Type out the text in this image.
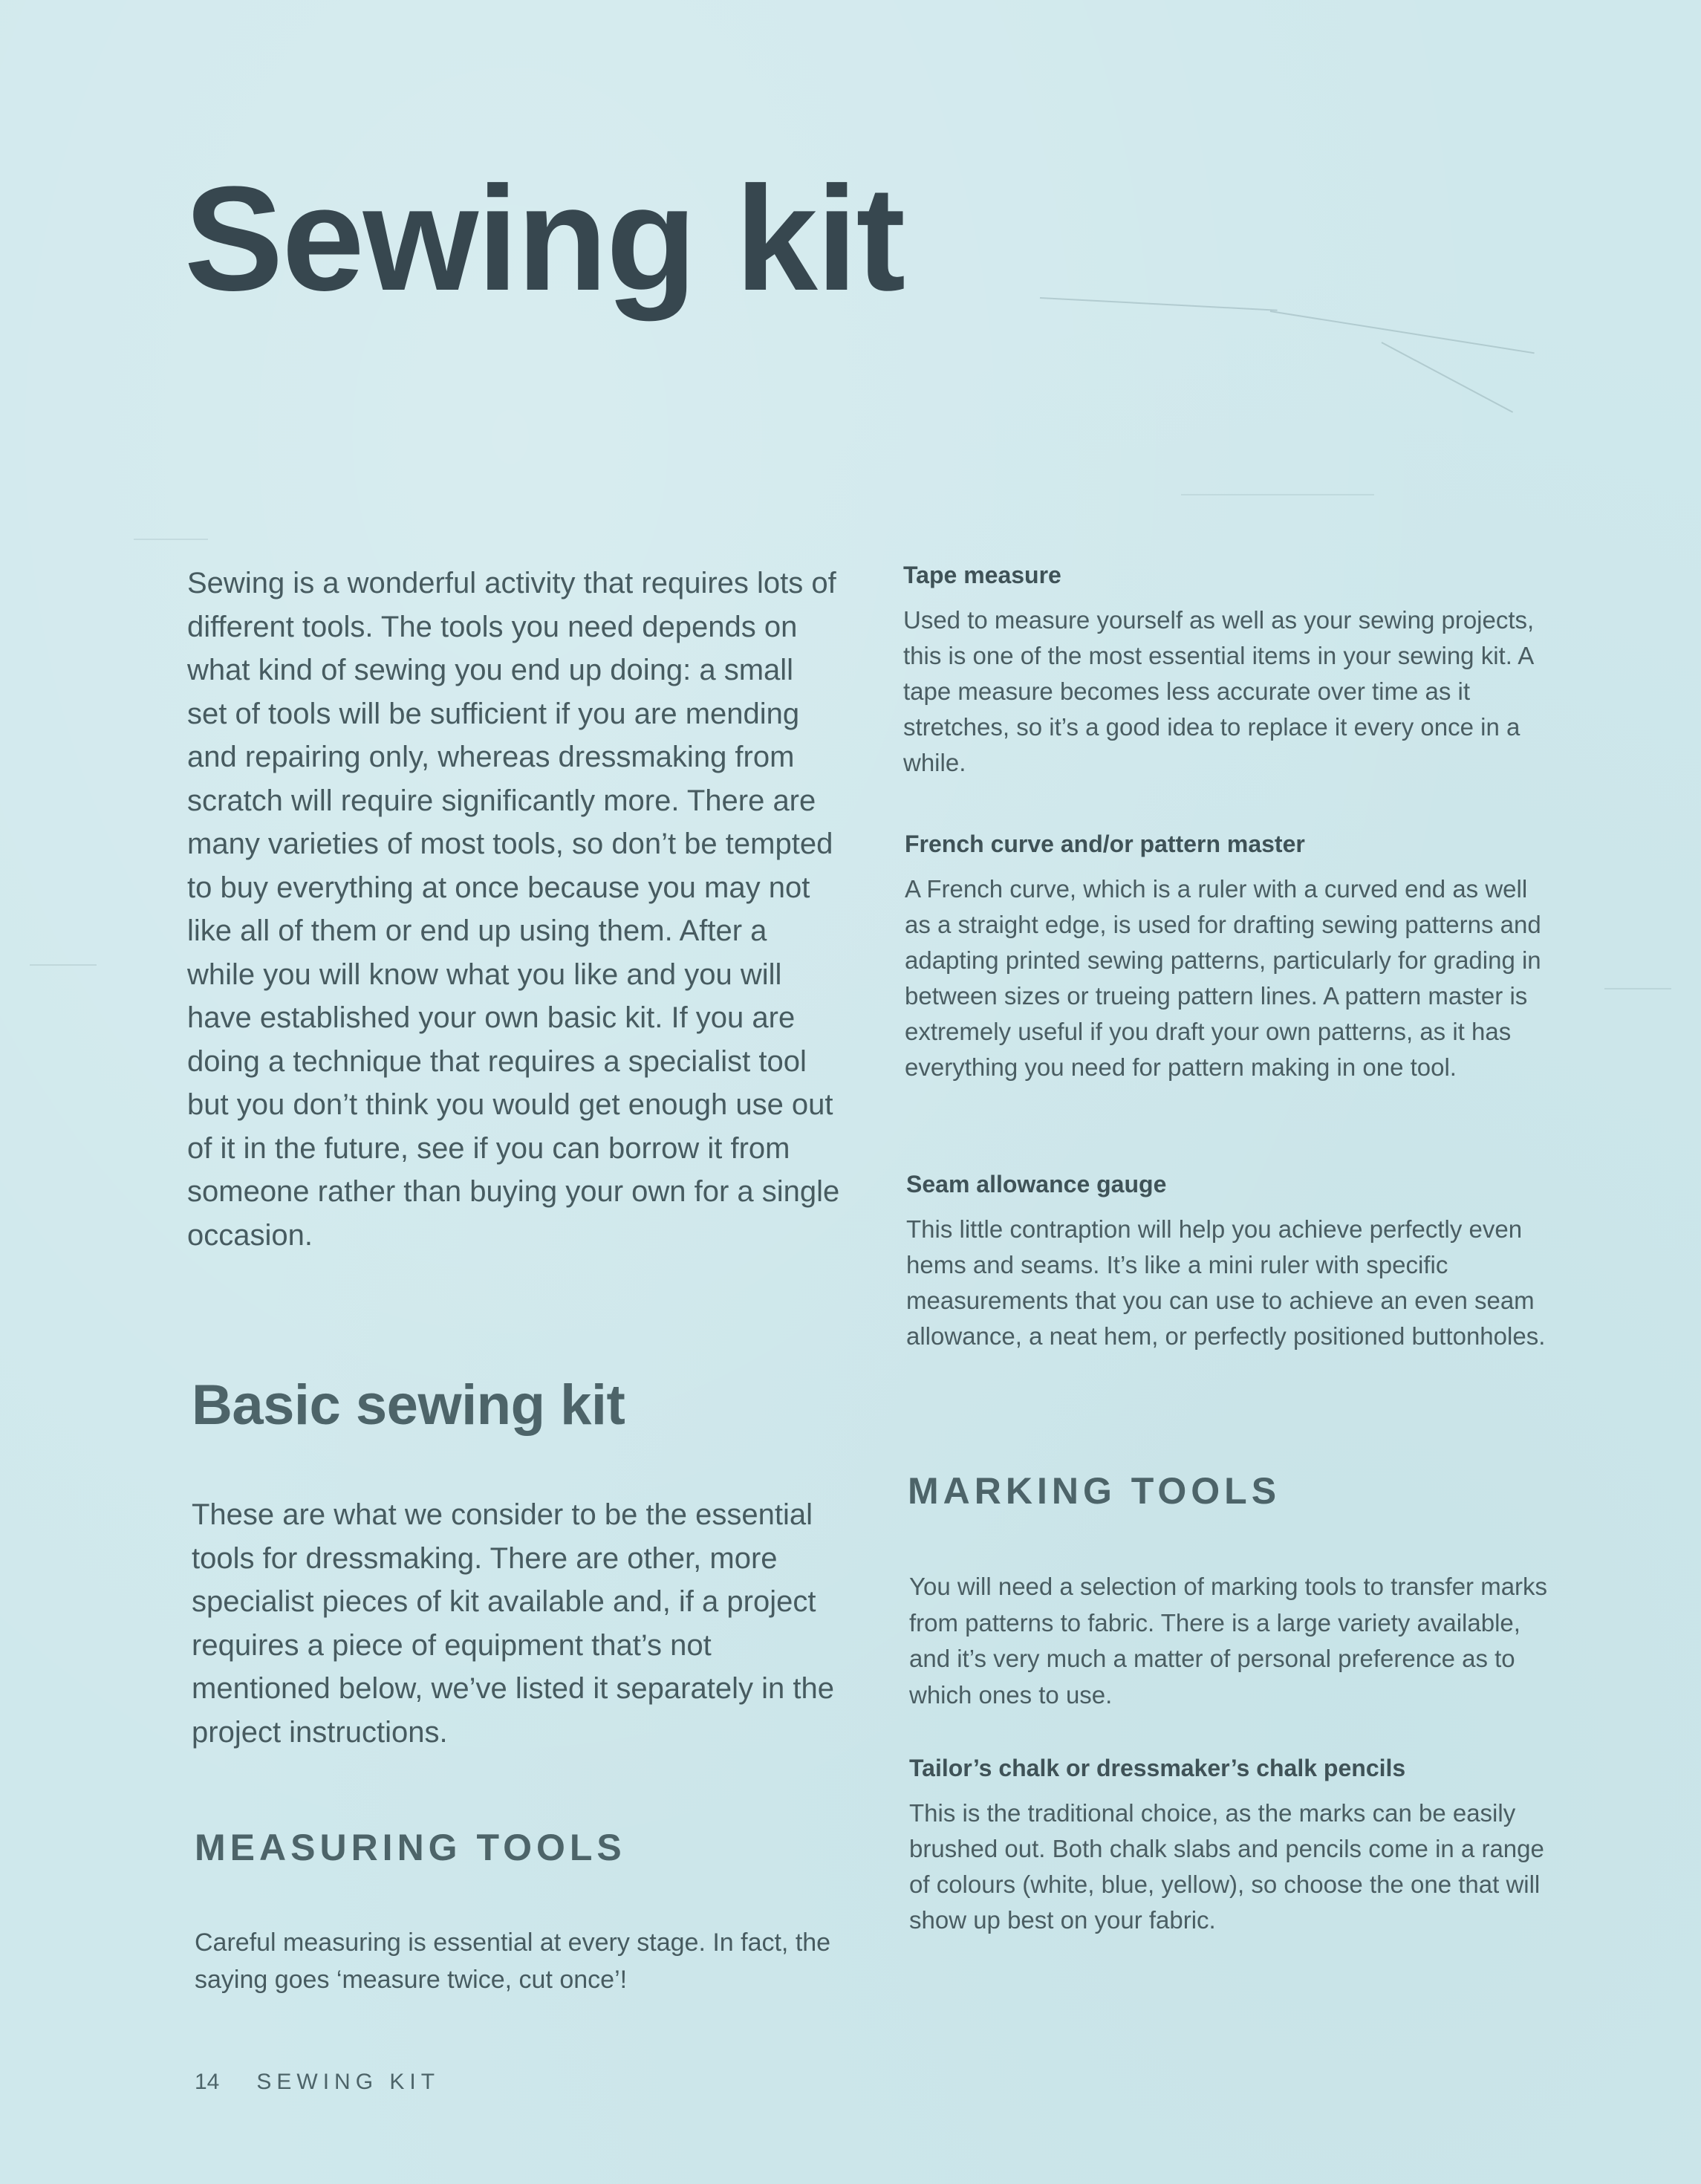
Sewing kit

Sewing is a wonderful activity that requires lots of different tools. The tools you need depends on what kind of sewing you end up doing: a small set of tools will be sufficient if you are mending and repairing only, whereas dressmaking from scratch will require significantly more. There are many varieties of most tools, so don’t be tempted to buy everything at once because you may not like all of them or end up using them. After a while you will know what you like and you will have established your own basic kit. If you are doing a technique that requires a specialist tool but you don’t think you would get enough use out of it in the future, see if you can borrow it from someone rather than buying your own for a single occasion.

Basic sewing kit

These are what we consider to be the essential tools for dressmaking. There are other, more specialist pieces of kit available and, if a project requires a piece of equipment that’s not mentioned below, we’ve listed it separately in the project instructions.

MEASURING TOOLS

Careful measuring is essential at every stage. In fact, the saying goes ‘measure twice, cut once’!

Tape measure

Used to measure yourself as well as your sewing projects, this is one of the most essential items in your sewing kit. A tape measure becomes less accurate over time as it stretches, so it’s a good idea to replace it every once in a while.

French curve and/or pattern master

A French curve, which is a ruler with a curved end as well as a straight edge, is used for drafting sewing patterns and adapting printed sewing patterns, particularly for grading in between sizes or trueing pattern lines. A pattern master is extremely useful if you draft your own patterns, as it has everything you need for pattern making in one tool.

Seam allowance gauge

This little contraption will help you achieve perfectly even hems and seams. It’s like a mini ruler with specific measurements that you can use to achieve an even seam allowance, a neat hem, or perfectly positioned buttonholes.

MARKING TOOLS

You will need a selection of marking tools to transfer marks from patterns to fabric. There is a large variety available, and it’s very much a matter of personal preference as to which ones to use.

Tailor’s chalk or dressmaker’s chalk pencils

This is the traditional choice, as the marks can be easily brushed out. Both chalk slabs and pencils come in a range of colours (white, blue, yellow), so choose the one that will show up best on your fabric.

14 SEWING KIT
